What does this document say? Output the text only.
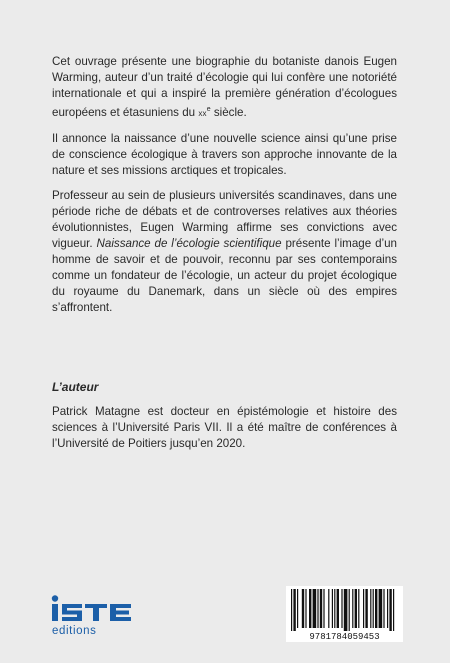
Cet ouvrage présente une biographie du botaniste danois Eugen Warming, auteur d’un traité d’écologie qui lui confère une notoriété internationale et qui a inspiré la première génération d’écologues européens et étasuniens du $xx^e$ siècle.

Il annonce la naissance d’une nouvelle science ainsi qu’une prise de conscience écologique à travers son approche innovante de la nature et ses missions arctiques et tropicales.

Professeur au sein de plusieurs universités scandinaves, dans une période riche de débats et de controverses relatives aux théories évolutionnistes, Eugen Warming affirme ses convictions avec vigueur. Naissance de l’écologie scientifique présente l’image d’un homme de savoir et de pouvoir, reconnu par ses contemporains comme un fondateur de l’écologie, un acteur du projet écologique du royaume du Danemark, dans un siècle où des empires s’affrontent.

L’auteur

Patrick Matagne est docteur en épistémologie et histoire des sciences à l’Université Paris VII. Il a été maître de conférences à l’Université de Poitiers jusqu’en 2020.

editions	9781784059453
